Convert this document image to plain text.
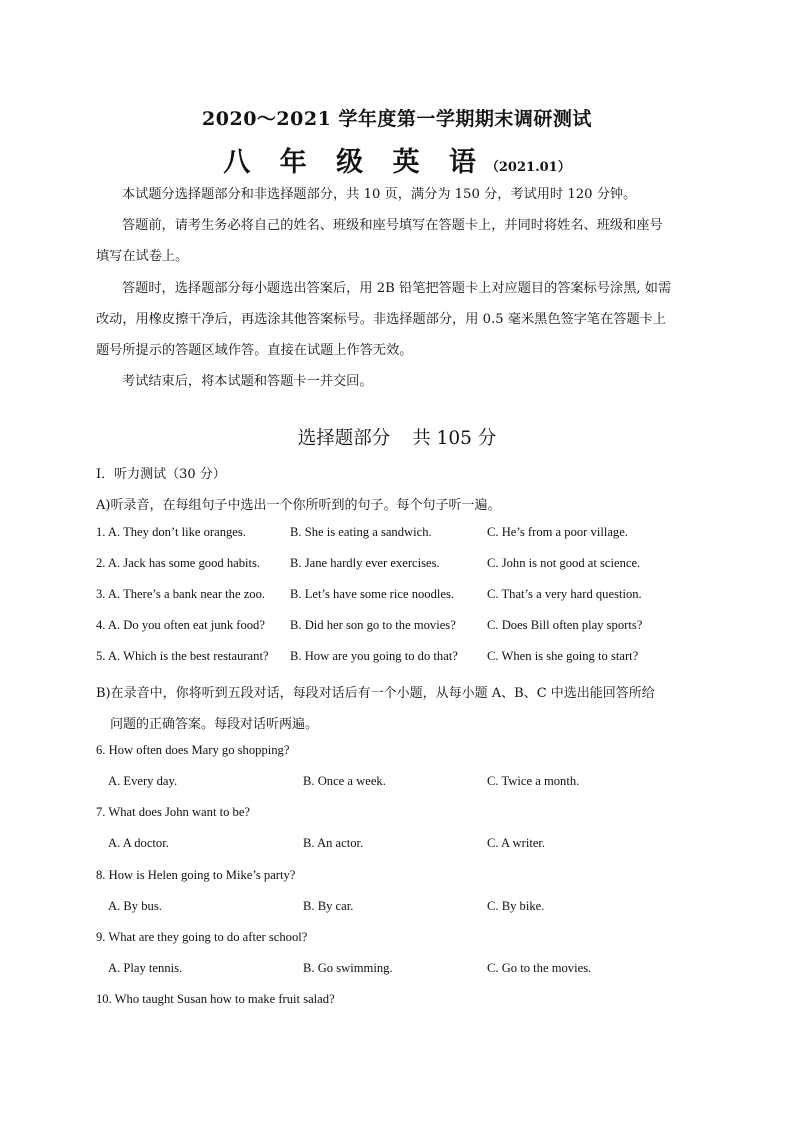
2020～2021 学年度第一学期期末调研测试
八 年 级 英 语（2021.01）
本试题分选择题部分和非选择题部分，共 10 页，满分为 150 分，考试用时 120 分钟。
答题前，请考生务必将自己的姓名、班级和座号填写在答题卡上，并同时将姓名、班级和座号
填写在试卷上。
答题时，选择题部分每小题选出答案后，用 2B 铅笔把答题卡上对应题目的答案标号涂黑, 如需
改动，用橡皮擦干净后，再选涂其他答案标号。非选择题部分，用 0.5 毫米黑色签字笔在答题卡上
题号所提示的答题区域作答。直接在试题上作答无效。
考试结束后，将本试题和答题卡一并交回。
选择题部分 共 105 分
I．听力测试（30 分）
A)听录音，在每组句子中选出一个你所听到的句子。每个句子听一遍。
1. A. They don’t like oranges.	B. She is eating a sandwich.	C. He’s from a poor village.
2. A. Jack has some good habits. B. Jane hardly ever exercises.	C. John is not good at science.
3. A. There’s a bank near the zoo. B. Let’s have some rice noodles.	C. That’s a very hard question.
4. A. Do you often eat junk food? B. Did her son go to the movies? C. Does Bill often play sports?
5. A. Which is the best restaurant? B. How are you going to do that? C. When is she going to start?
B)在录音中，你将听到五段对话，每段对话后有一个小题，从每小题 A、B、C 中选出能回答所给
问题的正确答案。每段对话听两遍。
6. How often does Mary go shopping?
A. Every day.	B. Once a week.	C. Twice a month.
7. What does John want to be?
A. A doctor.	B. An actor.	C. A writer.
8. How is Helen going to Mike’s party?
A. By bus.	B. By car.	C. By bike.
9. What are they going to do after school?
A. Play tennis.	B. Go swimming.	C. Go to the movies.
10. Who taught Susan how to make fruit salad?
